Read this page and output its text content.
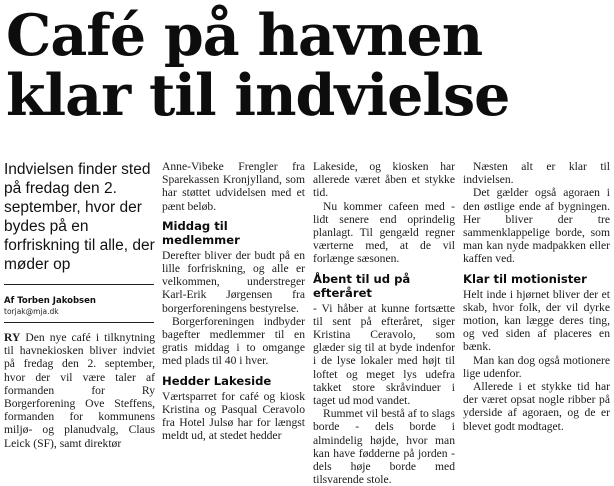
Café på havnen
klar til indvielse
Indvielsen finder sted på fredag den 2. september, hvor der bydes på en forfriskning til alle, der møder op
Af Torben Jakobsen
torjak@mja.dk

RY Den nye café i tilknytning til havnekiosken bliver indviet på fredag den 2. september, hvor der vil være taler af formanden for Ry Borgerforening Ove Steffens, formanden for kommunens miljø- og planudvalg, Claus Leick (SF), samt direktør

Anne-Vibeke Frengler fra Sparekassen Kronjylland, som har støttet udvidelsen med et pænt beløb.

Middag til medlemmer

Derefter bliver der budt på en lille forfriskning, og alle er velkommen, understreger Karl-Erik Jørgensen fra borgerforeningens bestyrelse.

Borgerforeningen indbyder bagefter medlemmer til en gratis middag i to omgange med plads til 40 i hver.

Hedder Lakeside

Værtsparret for café og kiosk Kristina og Pasqual Ceravolo fra Hotel Julsø har for længst meldt ud, at stedet hedder

Lakeside, og kiosken har allerede været åben et stykke tid.

Nu kommer cafeen med - lidt senere end oprindelig planlagt. Til gengæld regner værterne med, at de vil forlænge sæsonen.

Åbent til ud på efteråret

- Vi håber at kunne fortsætte til sent på efteråret, siger Kristina Ceravolo, som glæder sig til at byde indenfor i de lyse lokaler med højt til loftet og meget lys udefra takket store skråvinduer i taget ud mod vandet.

Rummet vil bestå af to slags borde - dels borde i almindelig højde, hvor man kan have fødderne på jorden - dels høje borde med tilsvarende stole.

Næsten alt er klar til indvielsen.

Det gælder også agoraen i den østlige ende af bygningen. Her bliver der tre sammenklappelige borde, som man kan nyde madpakken eller kaffen ved.

Klar til motionister

Helt inde i hjørnet bliver der et skab, hvor folk, der vil dyrke motion, kan lægge deres ting, og ved siden af placeres en bænk.

Man kan dog også motionere lige udenfor.

Allerede i et stykke tid har der været opsat nogle ribber på yderside af agoraen, og de er blevet godt modtaget.
